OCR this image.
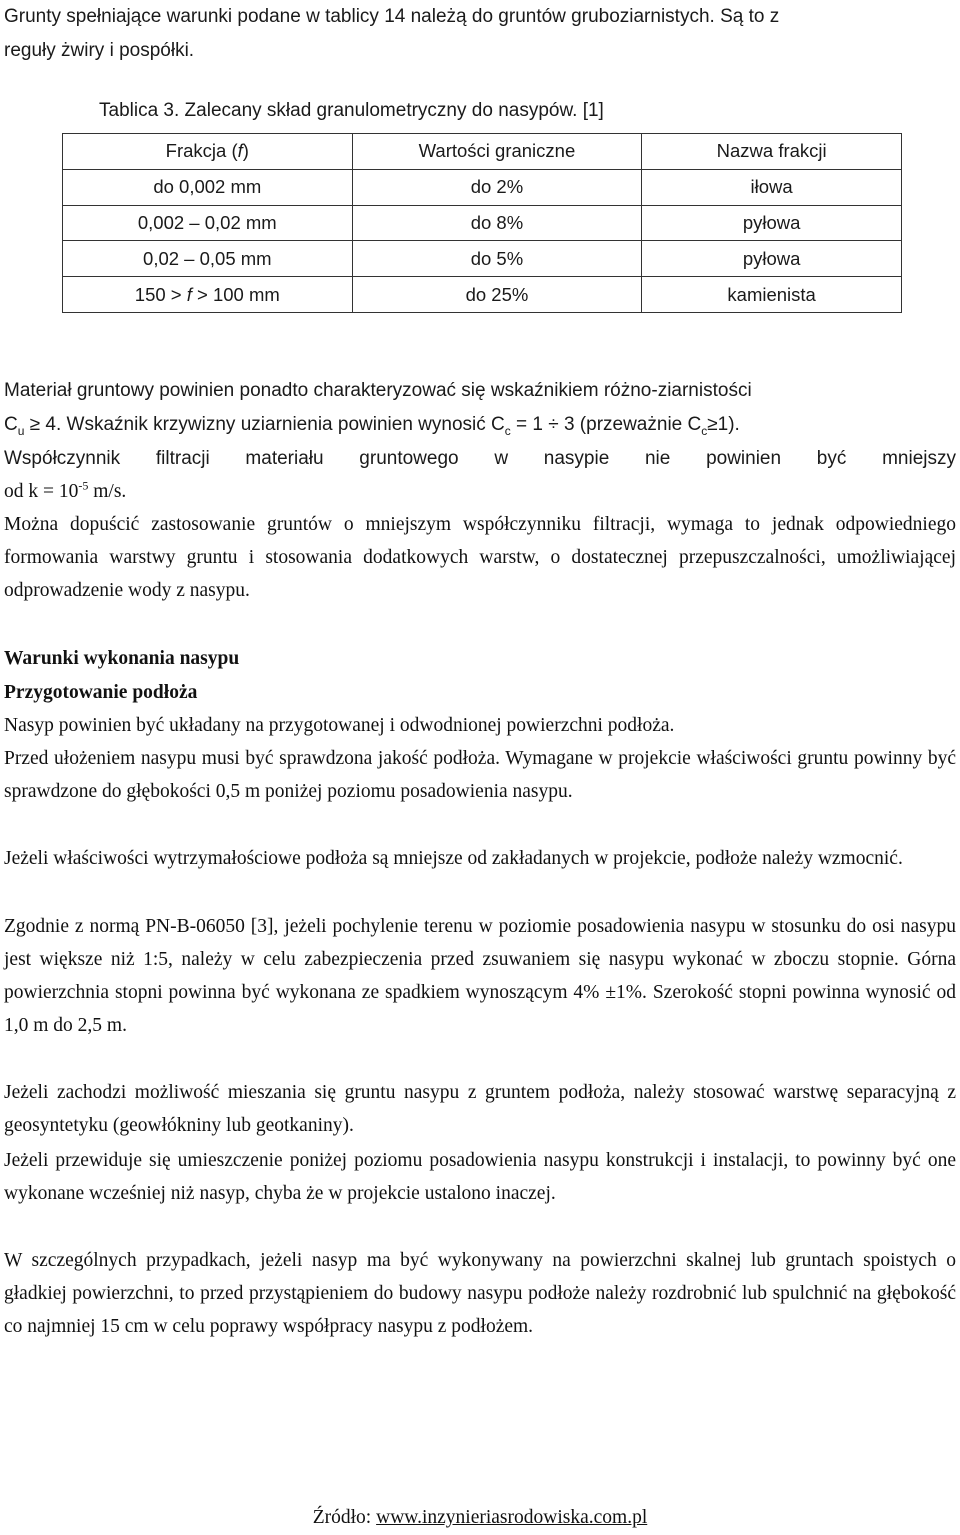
Grunty spełniające warunki podane w tablicy 14 należą do gruntów gruboziarnistych. Są to z
reguły żwiry i pospółki.
Tablica 3. Zalecany skład granulometryczny do nasypów. [1]
Frakcja (f)	Wartości graniczne	Nazwa frakcji
do 0,002 mm	do 2%	iłowa
0,002 – 0,02 mm	do 8%	pyłowa
0,02 – 0,05 mm	do 5%	pyłowa
150 > f > 100 mm	do 25%	kamienista
Materiał gruntowy powinien ponadto charakteryzować się wskaźnikiem różno-ziarnistości
$C_u \ge 4$. Wskaźnik krzywizny uziarnienia powinien wynosić $C_c = 1 \div 3$ (przeważnie $C_c\ge 1$).
Współczynnik filtracji materiału gruntowego w nasypie nie powinien być mniejszy
od $k = 10^{-5}$ m/s.
Można dopuścić zastosowanie gruntów o mniejszym współczynniku filtracji, wymaga to jednak odpowiedniego formowania warstwy gruntu i stosowania dodatkowych warstw, o dostatecznej przepuszczalności, umożliwiającej odprowadzenie wody z nasypu.
Warunki wykonania nasypu
Przygotowanie podłoża
Nasyp powinien być układany na przygotowanej i odwodnionej powierzchni podłoża.
Przed ułożeniem nasypu musi być sprawdzona jakość podłoża. Wymagane w projekcie właściwości gruntu powinny być sprawdzone do głębokości 0,5 m poniżej poziomu posadowienia nasypu.
Jeżeli właściwości wytrzymałościowe podłoża są mniejsze od zakładanych w projekcie, podłoże należy wzmocnić.
Zgodnie z normą PN-B-06050 [3], jeżeli pochylenie terenu w poziomie posadowienia nasypu w stosunku do osi nasypu jest większe niż 1:5, należy w celu zabezpieczenia przed zsuwaniem się nasypu wykonać w zboczu stopnie. Górna powierzchnia stopni powinna być wykonana ze spadkiem wynoszącym 4% ±1%. Szerokość stopni powinna wynosić od 1,0 m do 2,5 m.
Jeżeli zachodzi możliwość mieszania się gruntu nasypu z gruntem podłoża, należy stosować warstwę separacyjną z geosyntetyku (geowłókniny lub geotkaniny).
Jeżeli przewiduje się umieszczenie poniżej poziomu posadowienia nasypu konstrukcji i instalacji, to powinny być one wykonane wcześniej niż nasyp, chyba że w projekcie ustalono inaczej.
W szczególnych przypadkach, jeżeli nasyp ma być wykonywany na powierzchni skalnej lub gruntach spoistych o gładkiej powierzchni, to przed przystąpieniem do budowy nasypu podłoże należy rozdrobnić lub spulchnić na głębokość co najmniej 15 cm w celu poprawy współpracy nasypu z podłożem.
Źródło: www.inzynieriasrodowiska.com.pl
